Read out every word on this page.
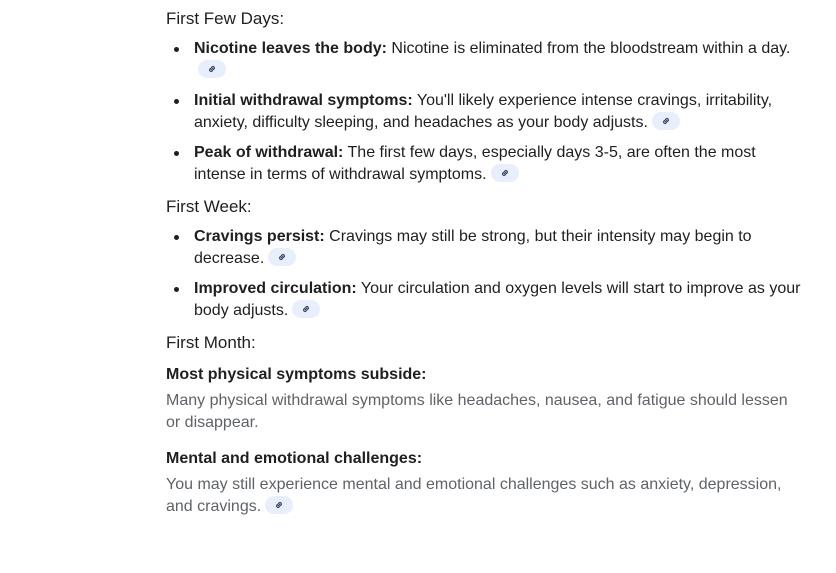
First Few Days:
Nicotine leaves the body: Nicotine is eliminated from the bloodstream within a day.
Initial withdrawal symptoms: You'll likely experience intense cravings, irritability, anxiety, difficulty sleeping, and headaches as your body adjusts.
Peak of withdrawal: The first few days, especially days 3-5, are often the most intense in terms of withdrawal symptoms.
First Week:
Cravings persist: Cravings may still be strong, but their intensity may begin to decrease.
Improved circulation: Your circulation and oxygen levels will start to improve as your body adjusts.
First Month:

Most physical symptoms subside:

Many physical withdrawal symptoms like headaches, nausea, and fatigue should lessen or disappear.

Mental and emotional challenges:

You may still experience mental and emotional challenges such as anxiety, depression, and cravings.
